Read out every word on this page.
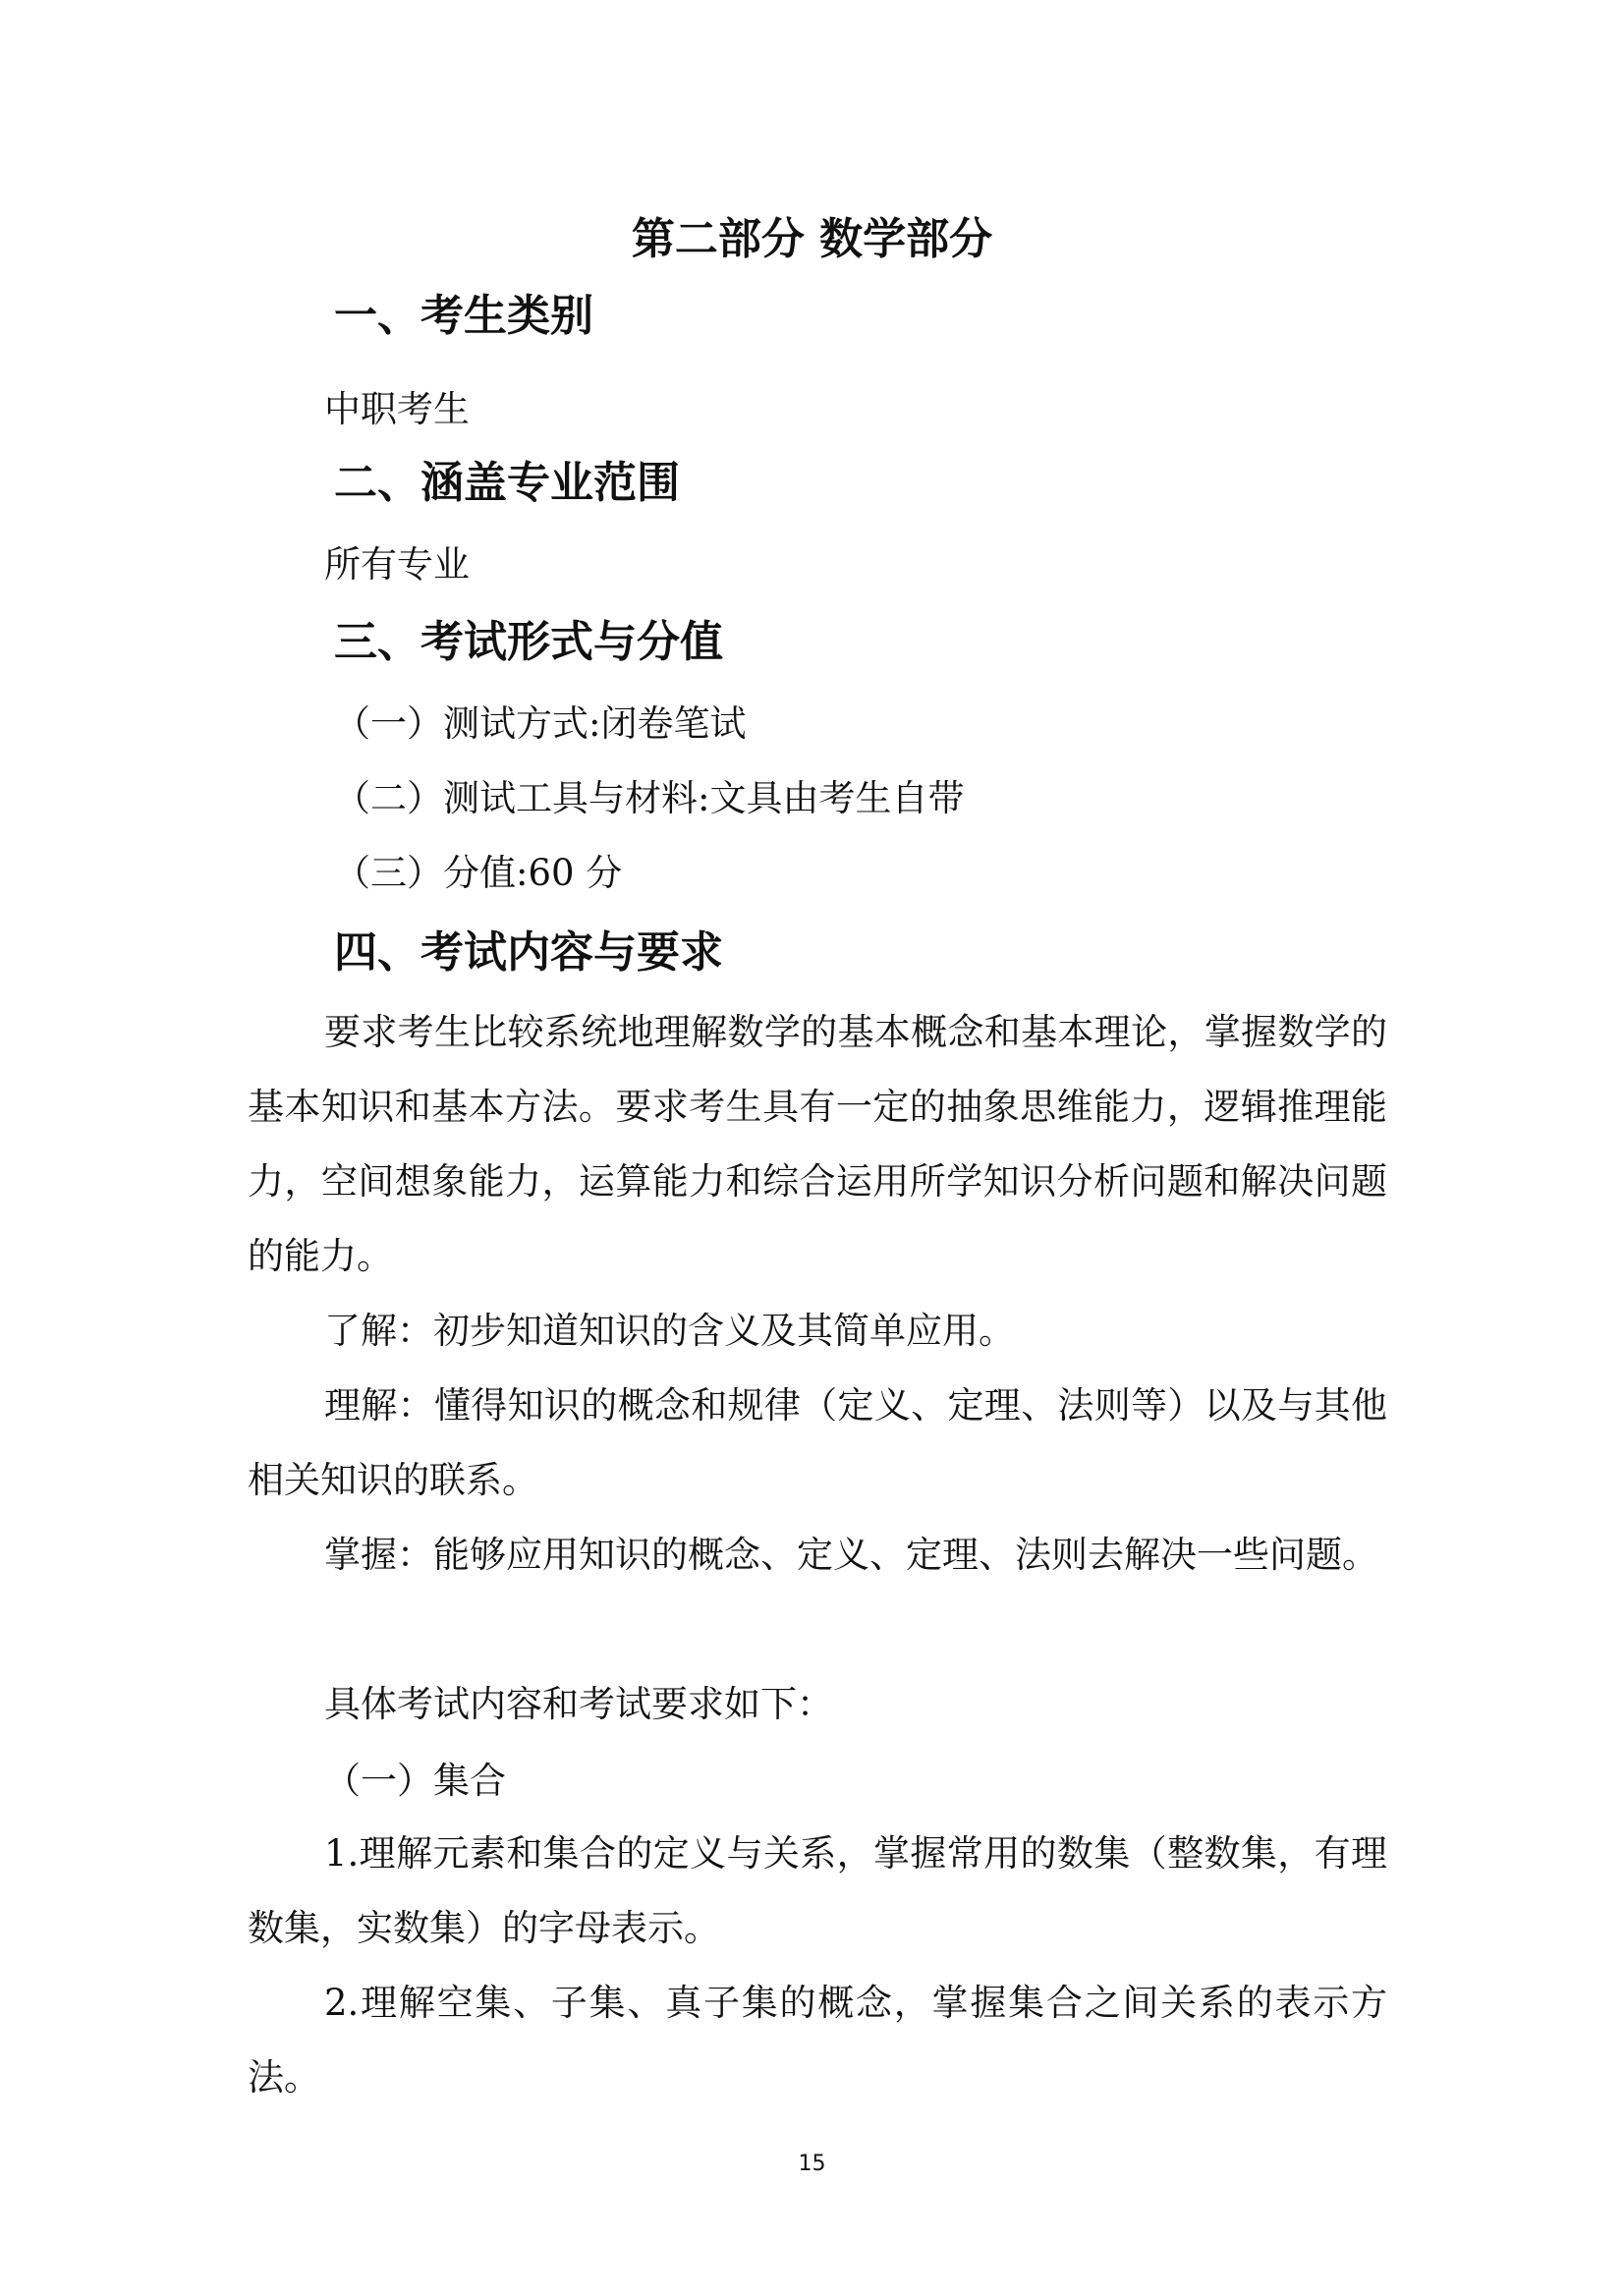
第二部分 数学部分
一、考生类别
中职考生
二、涵盖专业范围
所有专业
三、考试形式与分值
（一）测试方式:闭卷笔试
（二）测试工具与材料:文具由考生自带
（三）分值:60 分
四、考试内容与要求
要求考生比较系统地理解数学的基本概念和基本理论，掌握数学的基本知识和基本方法。要求考生具有一定的抽象思维能力，逻辑推理能力，空间想象能力，运算能力和综合运用所学知识分析问题和解决问题的能力。
了解：初步知道知识的含义及其简单应用。
理解：懂得知识的概念和规律（定义、定理、法则等）以及与其他相关知识的联系。
掌握：能够应用知识的概念、定义、定理、法则去解决一些问题。
具体考试内容和考试要求如下：
（一）集合
1.理解元素和集合的定义与关系，掌握常用的数集（整数集，有理数集，实数集）的字母表示。
2.理解空集、子集、真子集的概念，掌握集合之间关系的表示方法。
15
